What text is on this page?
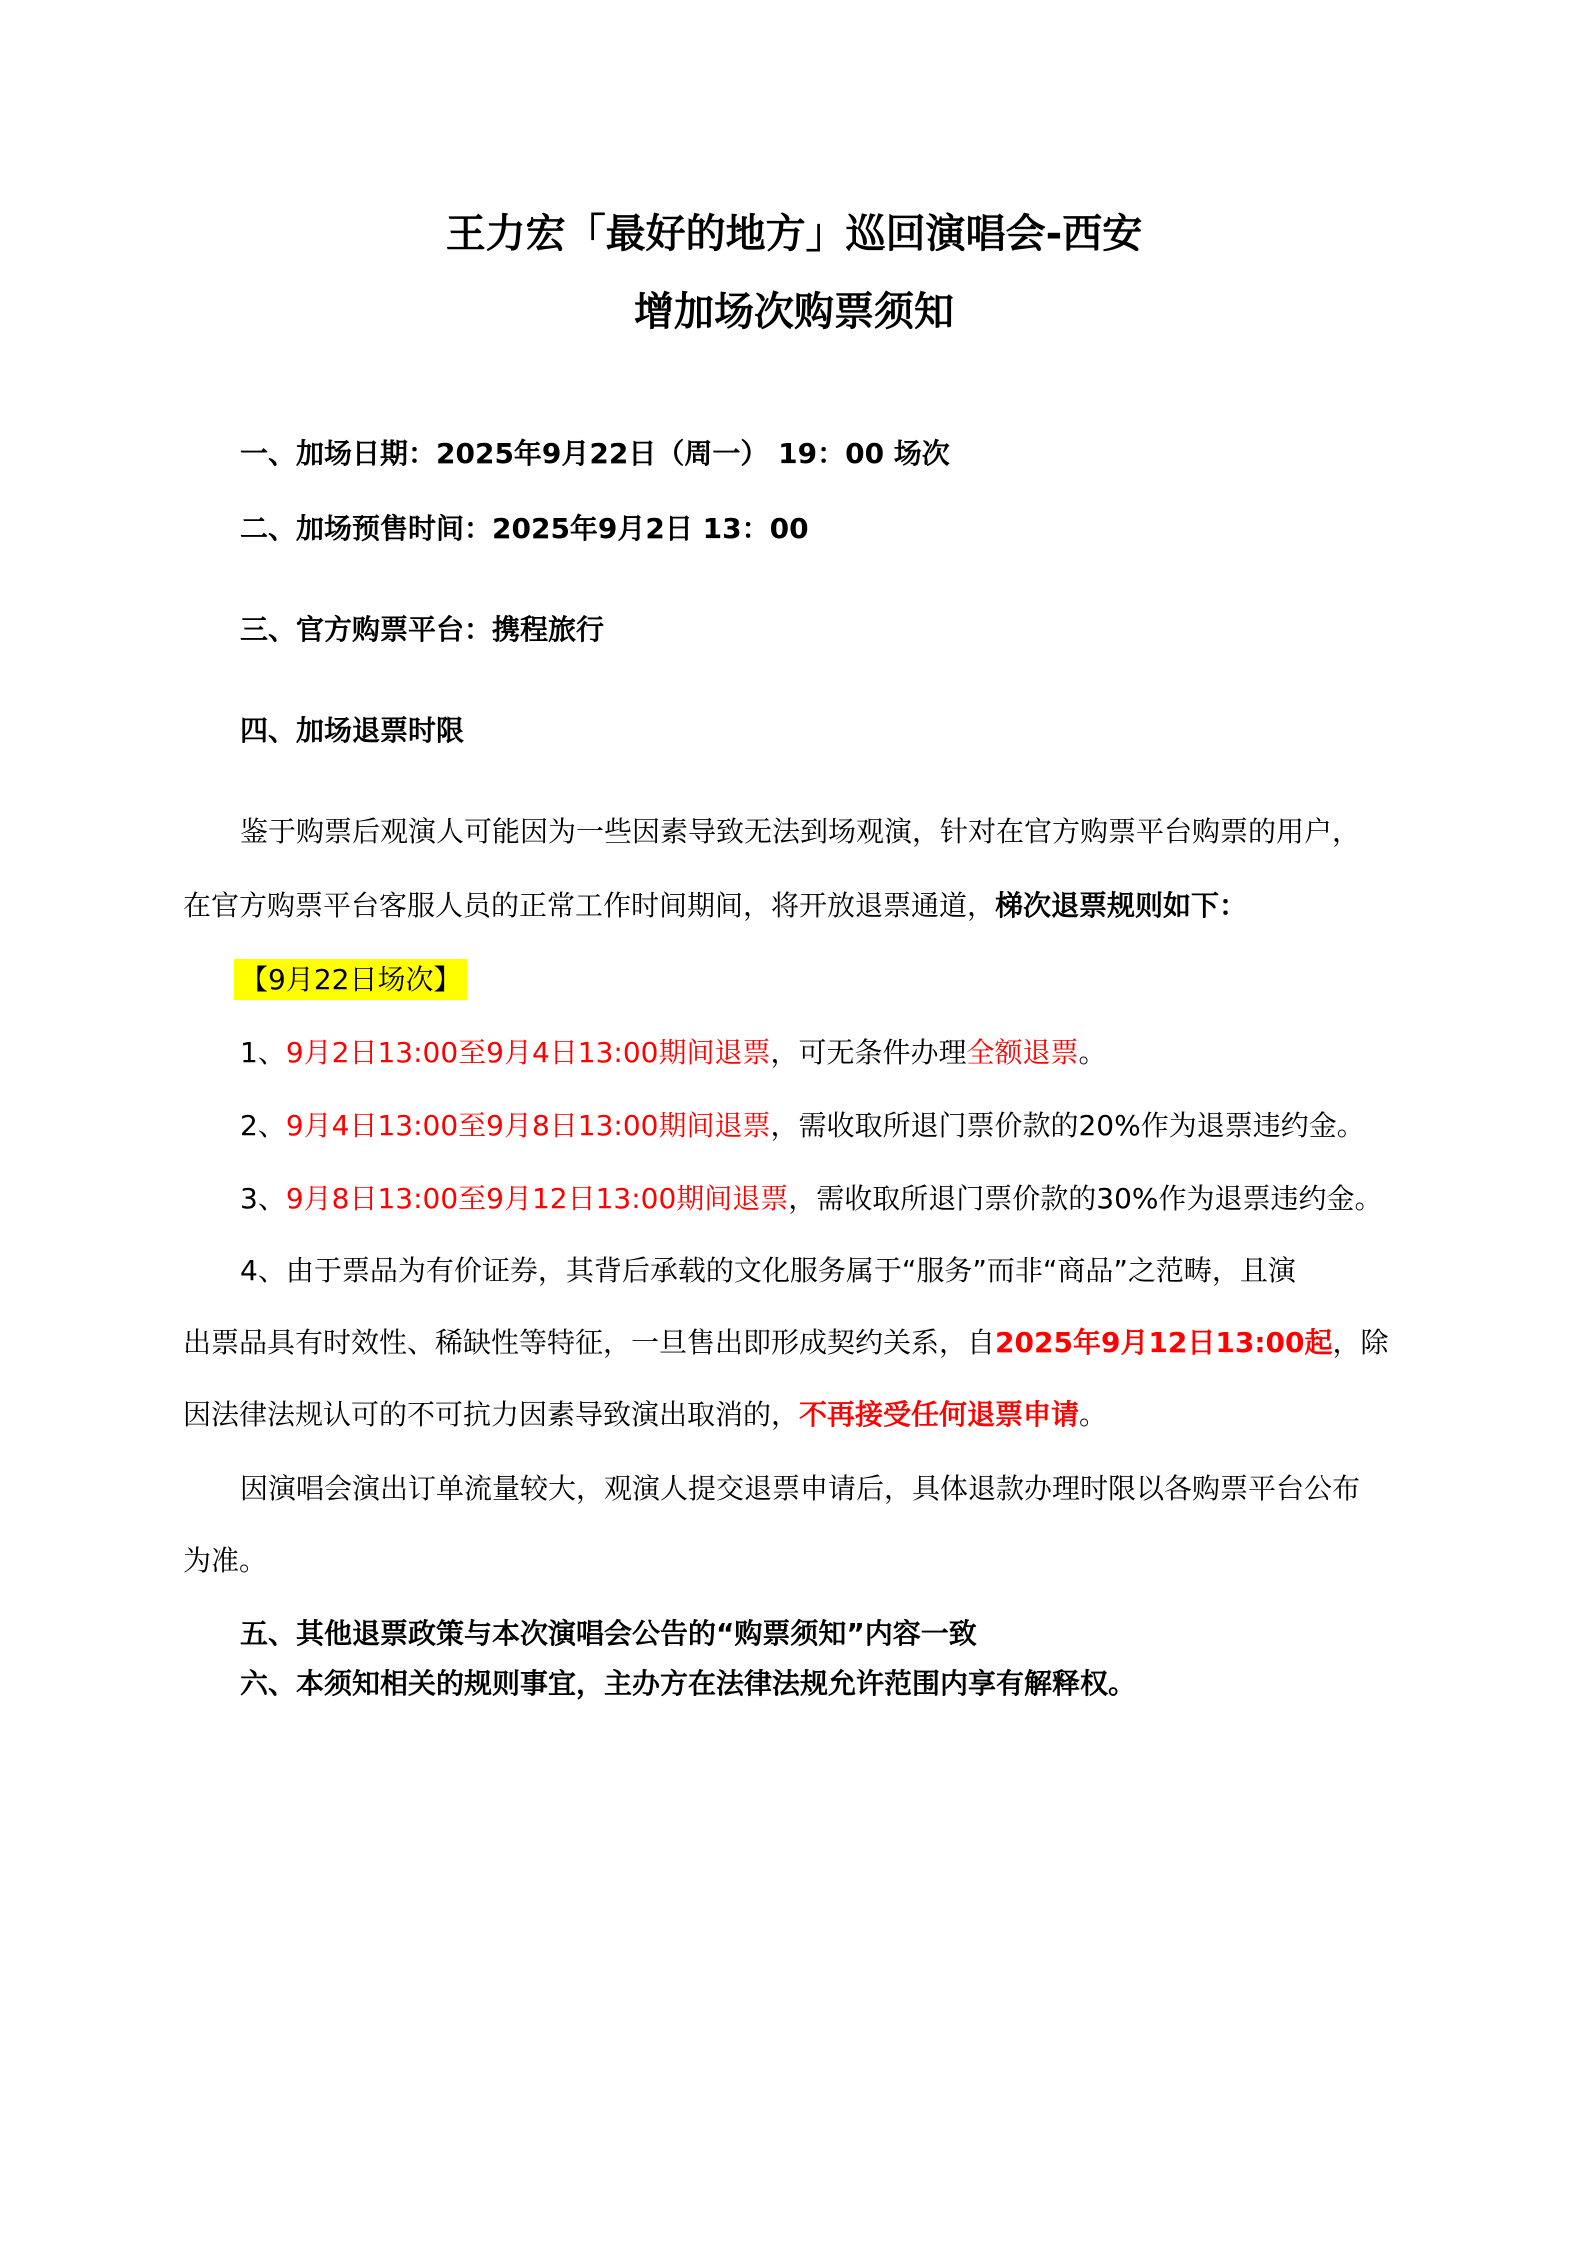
王力宏「最好的地方」巡回演唱会-西安
增加场次购票须知
一、加场日期：2025年9月22日（周一） 19：00 场次
二、加场预售时间：2025年9月2日 13：00
三、官方购票平台：携程旅行
四、加场退票时限
鉴于购票后观演人可能因为一些因素导致无法到场观演，针对在官方购票平台购票的用户，
在官方购票平台客服人员的正常工作时间期间，将开放退票通道，梯次退票规则如下：
【9月22日场次】
1、9月2日13:00至9月4日13:00期间退票，可无条件办理全额退票。
2、9月4日13:00至9月8日13:00期间退票，需收取所退门票价款的20%作为退票违约金。
3、9月8日13:00至9月12日13:00期间退票，需收取所退门票价款的30%作为退票违约金。
4、由于票品为有价证券，其背后承载的文化服务属于“服务”而非“商品”之范畴，且演
出票品具有时效性、稀缺性等特征，一旦售出即形成契约关系，自2025年9月12日13:00起，除
因法律法规认可的不可抗力因素导致演出取消的，不再接受任何退票申请。
因演唱会演出订单流量较大，观演人提交退票申请后，具体退款办理时限以各购票平台公布
为准。
五、其他退票政策与本次演唱会公告的“购票须知”内容一致
六、本须知相关的规则事宜，主办方在法律法规允许范围内享有解释权。
